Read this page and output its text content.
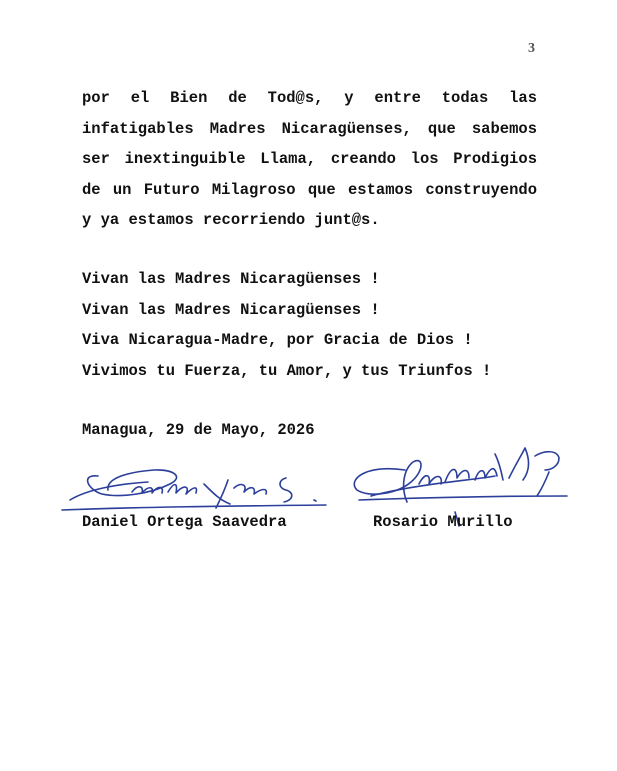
3

por el Bien de Tod@s, y entre todas las
infatigables Madres Nicaragüenses, que sabemos
ser inextinguible Llama, creando los Prodigios
de un Futuro Milagroso que estamos construyendo
y ya estamos recorriendo junt@s.

Vivan las Madres Nicaragüenses !
Vivan las Madres Nicaragüenses !
Viva Nicaragua-Madre, por Gracia de Dios !
Vivimos tu Fuerza, tu Amor, y tus Triunfos !
Managua, 29 de Mayo, 2026
Daniel Ortega Saavedra	Rosario Murillo
